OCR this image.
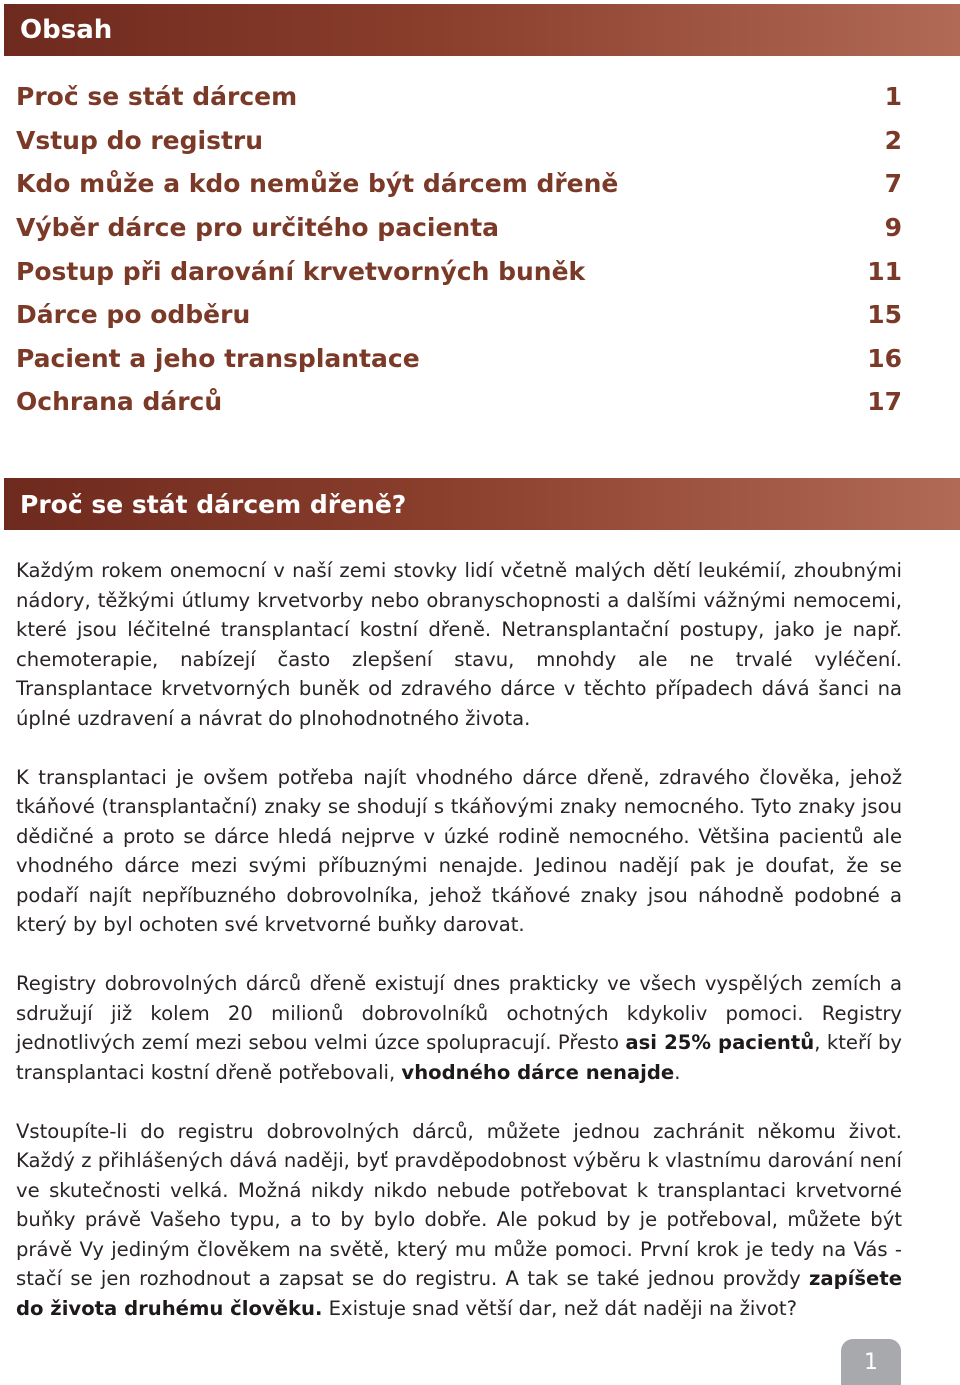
Obsah
Proč se stát dárcem	1
Vstup do registru	2
Kdo může a kdo nemůže být dárcem dřeně	7
Výběr dárce pro určitého pacienta	9
Postup při darování krvetvorných buněk	11
Dárce po odběru	15
Pacient a jeho transplantace	16
Ochrana dárců	17
Proč se stát dárcem dřeně?

Každým rokem onemocní v naší zemi stovky lidí včetně malých dětí leukémií, zhoubnými nádory, těžkými útlumy krvetvorby nebo obranyschopnosti a dalšími vážnými nemocemi, které jsou léčitelné transplantací kostní dřeně. Netransplantační postupy, jako je např. chemoterapie, nabízejí často zlepšení stavu, mnohdy ale ne trvalé vyléčení. Transplantace krvetvorných buněk od zdravého dárce v těchto případech dává šanci na úplné uzdravení a návrat do plnohodnotného života.

K transplantaci je ovšem potřeba najít vhodného dárce dřeně, zdravého člověka, jehož tkáňové (transplantační) znaky se shodují s tkáňovými znaky nemocného. Tyto znaky jsou dědičné a proto se dárce hledá nejprve v úzké rodině nemocného. Většina pacientů ale vhodného dárce mezi svými příbuznými nenajde. Jedinou nadějí pak je doufat, že se podaří najít nepříbuzného dobrovolníka, jehož tkáňové znaky jsou náhodně podobné a který by byl ochoten své krvetvorné buňky darovat.

Registry dobrovolných dárců dřeně existují dnes prakticky ve všech vyspělých zemích a sdružují již kolem 20 milionů dobrovolníků ochotných kdykoliv pomoci. Registry jednotlivých zemí mezi sebou velmi úzce spolupracují. Přesto asi 25% pacientů, kteří by transplantaci kostní dřeně potřebovali, vhodného dárce nenajde.

Vstoupíte-li do registru dobrovolných dárců, můžete jednou zachránit někomu život. Každý z přihlášených dává naději, byť pravděpodobnost výběru k vlastnímu darování není ve skutečnosti velká. Možná nikdy nikdo nebude potřebovat k transplantaci krvetvorné buňky právě Vašeho typu, a to by bylo dobře. Ale pokud by je potřeboval, můžete být právě Vy jediným člověkem na světě, který mu může pomoci. První krok je tedy na Vás - stačí se jen rozhodnout a zapsat se do registru. A tak se také jednou provždy zapíšete do života druhému člověku. Existuje snad větší dar, než dát naději na život?

1
